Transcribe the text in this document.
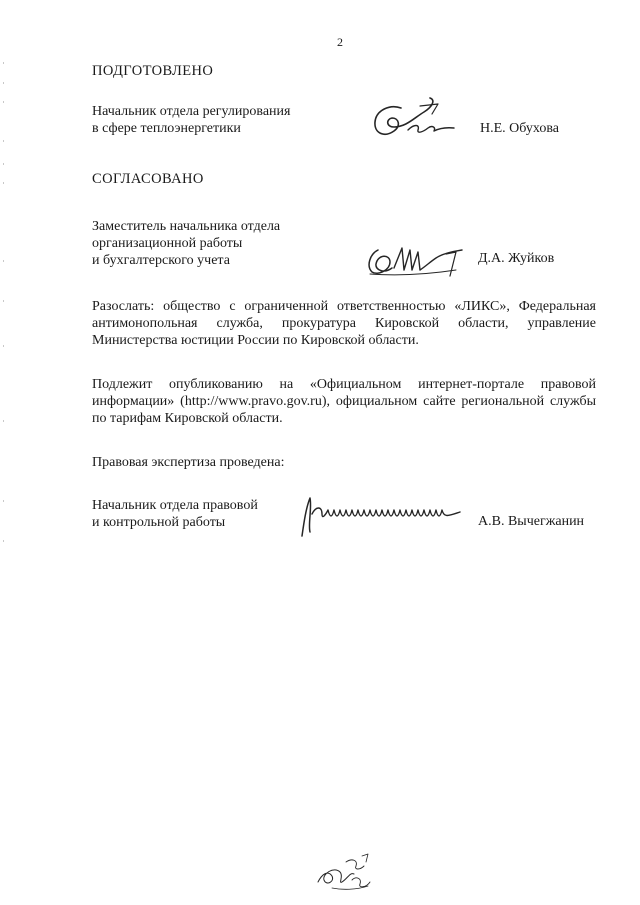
2
ПОДГОТОВЛЕНО
Начальник отдела регулирования
в сфере теплоэнергетики	Н.Е. Обухова
СОГЛАСОВАНО
Заместитель начальника отдела
организационной работы
и бухгалтерского учета	Д.А. Жуйков
Разослать: общество с ограниченной ответственностью «ЛИКС», Федеральная антимонопольная служба, прокуратура Кировской области, управление Министерства юстиции России по Кировской области.
Подлежит опубликованию на «Официальном интернет-портале правовой информации» (http://www.pravo.gov.ru), официальном сайте региональной службы по тарифам Кировской области.
Правовая экспертиза проведена:
Начальник отдела правовой
и контрольной работы	А.В. Вычегжанин
